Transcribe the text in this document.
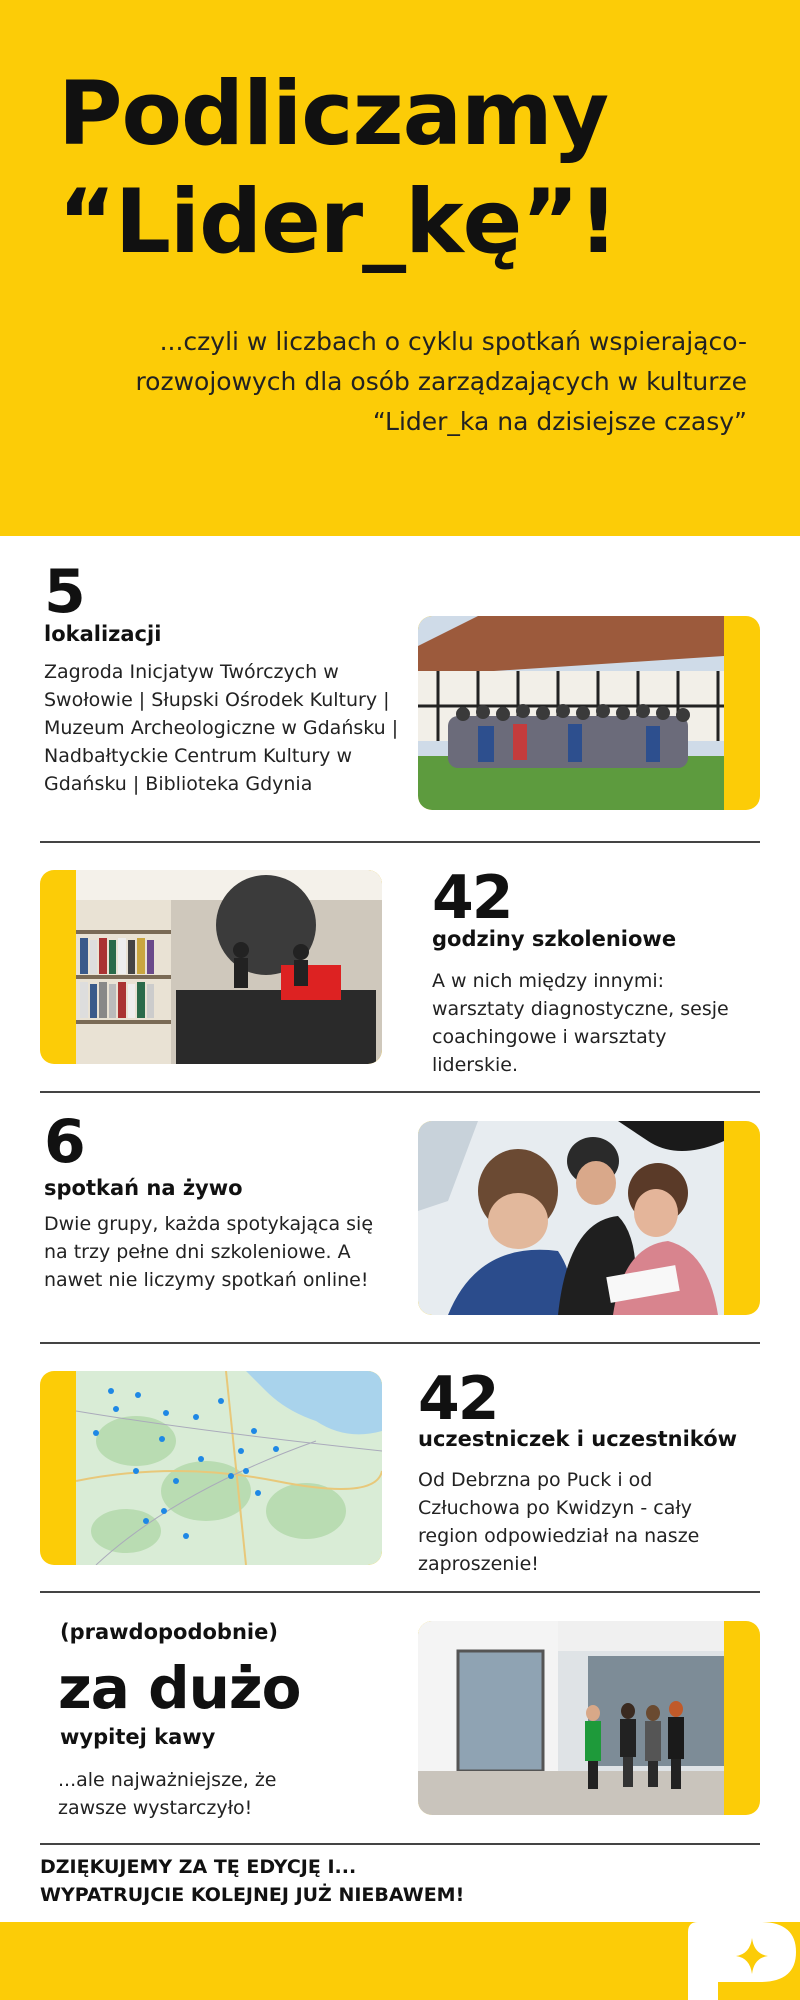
Podliczamy
“Lider_kę”!

...czyli w liczbach o cyklu spotkań wspierająco-rozwojowych dla osób zarządzających w kulturze “Lider_ka na dzisiejsze czasy”

5
lokalizacji
Zagroda Inicjatyw Twórczych w Swołowie | Słupski Ośrodek Kultury | Muzeum Archeologiczne w Gdańsku | Nadbałtyckie Centrum Kultury w Gdańsku | Biblioteka Gdynia
42
godziny szkoleniowe
A w nich między innymi: warsztaty diagnostyczne, sesje coachingowe i warsztaty liderskie.
6
spotkań na żywo
Dwie grupy, każda spotykająca się na trzy pełne dni szkoleniowe. A nawet nie liczymy spotkań online!
42
uczestniczek i uczestników
Od Debrzna po Puck i od Człuchowa po Kwidzyn - cały region odpowiedział na nasze zaproszenie!
(prawdopodobnie)
za dużo
wypitej kawy
...ale najważniejsze, że zawsze wystarczyło!
DZIĘKUJEMY ZA TĘ EDYCJĘ I...
WYPATRUJCIE KOLEJNEJ JUŻ NIEBAWEM!
